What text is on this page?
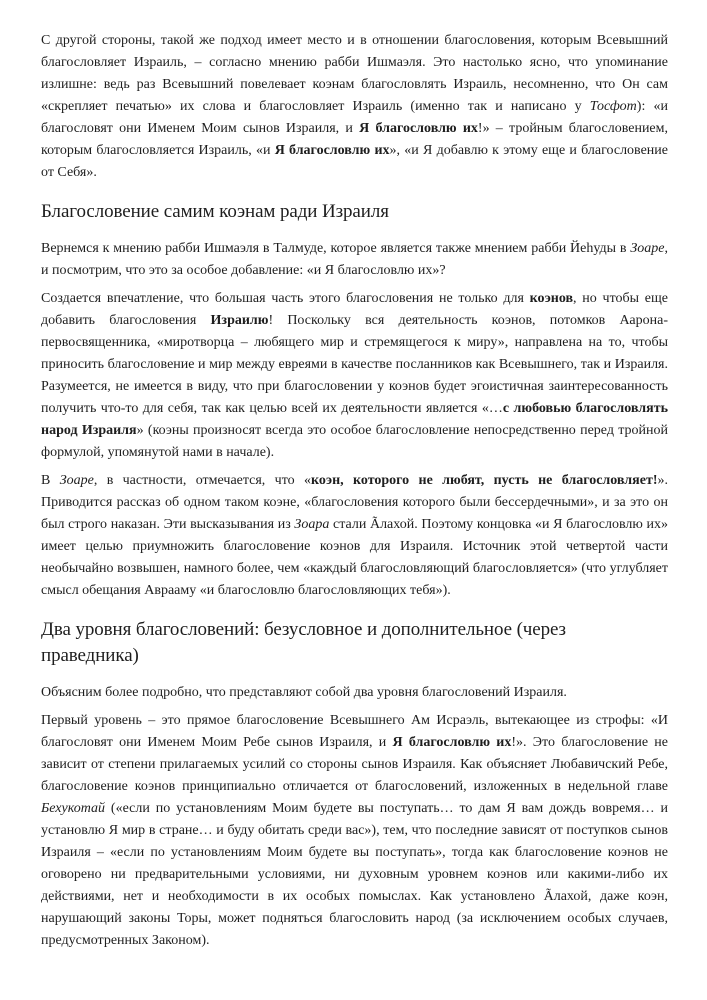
С другой стороны, такой же подход имеет место и в отношении благословения, которым Всевышний благословляет Израиль, – согласно мнению рабби Ишмаэля. Это настолько ясно, что упоминание излишне: ведь раз Всевышний повелевает коэнам благословлять Израиль, несомненно, что Он сам «скрепляет печатью» их слова и благословляет Израиль (именно так и написано у Тосфот): «и благословят они Именем Моим сынов Израиля, и Я благословлю их!» – тройным благословением, которым благословляется Израиль, «и Я благословлю их», «и Я добавлю к этому еще и благословение от Себя».

Благословение самим коэнам ради Израиля

Вернемся к мнению рабби Ишмаэля в Талмуде, которое является также мнением рабби Йеhуды в Зоаре, и посмотрим, что это за особое добавление: «и Я благословлю их»?

Создается впечатление, что большая часть этого благословения не только для коэнов, но чтобы еще добавить благословения Израилю! Поскольку вся деятельность коэнов, потомков Аарона-первосвященника, «миротворца – любящего мир и стремящегося к миру», направлена на то, чтобы приносить благословение и мир между евреями в качестве посланников как Всевышнего, так и Израиля. Разумеется, не имеется в виду, что при благословении у коэнов будет эгоистичная заинтересованность получить что-то для себя, так как целью всей их деятельности является «…с любовью благословлять народ Израиля» (коэны произносят всегда это особое благословление непосредственно перед тройной формулой, упомянутой нами в начале).

В Зоаре, в частности, отмечается, что «коэн, которого не любят, пусть не благословляет!». Приводится рассказ об одном таком коэне, «благословения которого были бессердечными», и за это он был строго наказан. Эти высказывания из Зоара стали Ãлахой. Поэтому концовка «и Я благословлю их» имеет целью приумножить благословение коэнов для Израиля. Источник этой четвертой части необычайно возвышен, намного более, чем «каждый благословляющий благословляется» (что углубляет смысл обещания Аврааму «и благословлю благословляющих тебя»).

Два уровня благословений: безусловное и дополнительное (через праведника)

Объясним более подробно, что представляют собой два уровня благословений Израиля.

Первый уровень – это прямое благословение Всевышнего Ам Исраэль, вытекающее из строфы: «И благословят они Именем Моим Ребе сынов Израиля, и Я благословлю их!». Это благословение не зависит от степени прилагаемых усилий со стороны сынов Израиля. Как объясняет Любавичский Ребе, благословение коэнов принципиально отличается от благословений, изложенных в недельной главе Бехукотай («если по установлениям Моим будете вы поступать… то дам Я вам дождь вовремя… и установлю Я мир в стране… и буду обитать среди вас»), тем, что последние зависят от поступков сынов Израиля – «если по установлениям Моим будете вы поступать», тогда как благословение коэнов не оговорено ни предварительными условиями, ни духовным уровнем коэнов или какими-либо их действиями, нет и необходимости в их особых помыслах. Как установлено Ãлахой, даже коэн, нарушающий законы Торы, может подняться благословить народ (за исключением особых случаев, предусмотренных Законом).
